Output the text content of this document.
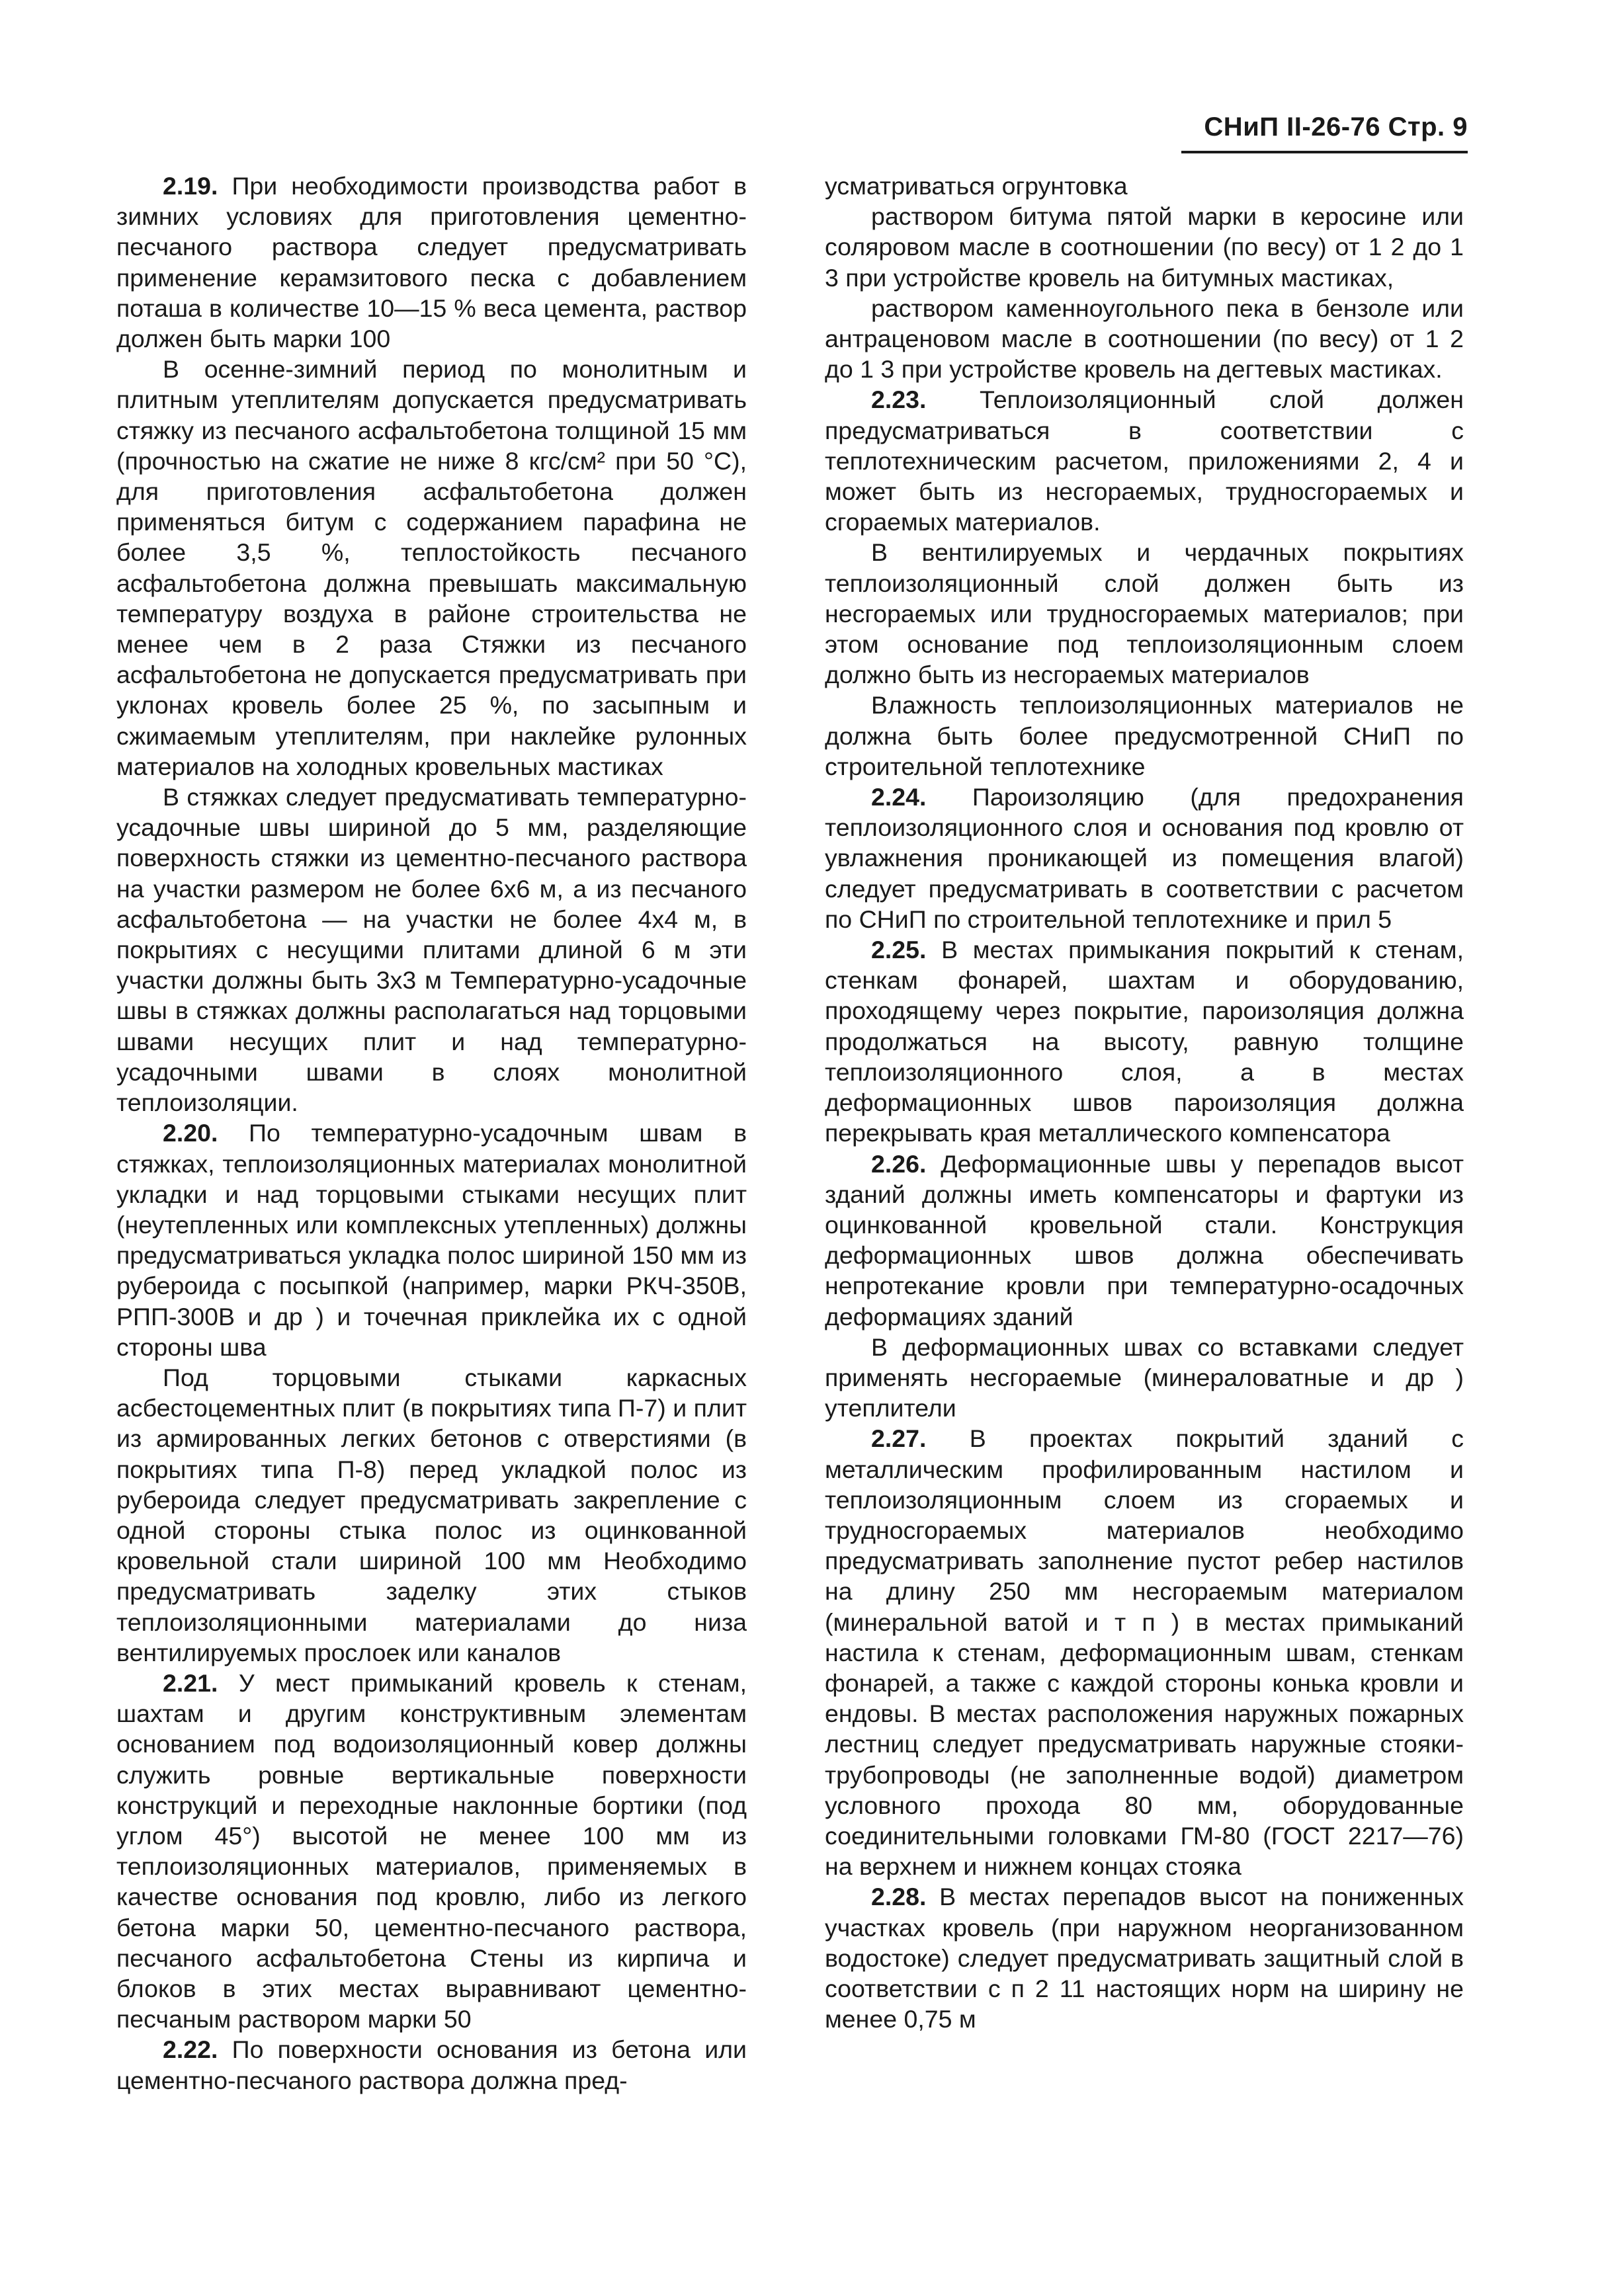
СНиП II-26-76 Стр. 9

2.19. При необходимости производства работ в зимних условиях для приготовления цементно-песчаного раствора следует предусматривать применение керамзитового песка с добавлением поташа в количестве 10—15 % веса цемента, раствор должен быть марки 100

В осенне-зимний период по монолитным и плитным утеплителям допускается предусматривать стяжку из песчаного асфальтобетона толщиной 15 мм (прочностью на сжатие не ниже 8 кгс/см² при 50 °С), для приготовления асфальтобетона должен применяться битум с содержанием парафина не более 3,5 %, теплостойкость песчаного асфальтобетона должна превышать максимальную температуру воздуха в районе строительства не менее чем в 2 раза Стяжки из песчаного асфальтобетона не допускается предусматривать при уклонах кровель более 25 %, по засыпным и сжимаемым утеплителям, при наклейке рулонных материалов на холодных кровельных мастиках

В стяжках следует предусмативать температурно-усадочные швы шириной до 5 мм, разделяющие поверхность стяжки из цементно-песчаного раствора на участки размером не более 6x6 м, а из песчаного асфальтобетона — на участки не более 4x4 м, в покрытиях с несущими плитами длиной 6 м эти участки должны быть 3x3 м Температурно-усадочные швы в стяжках должны располагаться над торцовыми швами несущих плит и над температурно-усадочными швами в слоях монолитной теплоизоляции.

2.20. По температурно-усадочным швам в стяжках, теплоизоляционных материалах монолитной укладки и над торцовыми стыками несущих плит (неутепленных или комплексных утепленных) должны предусматриваться укладка полос шириной 150 мм из рубероида с посыпкой (например, марки РКЧ-350В, РПП-300В и др ) и точечная приклейка их с одной стороны шва

Под торцовыми стыками каркасных асбестоцементных плит (в покрытиях типа П-7) и плит из армированных легких бетонов с отверстиями (в покрытиях типа П-8) перед укладкой полос из рубероида следует предусматривать закрепление с одной стороны стыка полос из оцинкованной кровельной стали шириной 100 мм Необходимо предусматривать заделку этих стыков теплоизоляционными материалами до низа вентилируемых прослоек или каналов

2.21. У мест примыканий кровель к стенам, шахтам и другим конструктивным элементам основанием под водоизоляционный ковер должны служить ровные вертикальные поверхности конструкций и переходные наклонные бортики (под углом 45°) высотой не менее 100 мм из теплоизоляционных материалов, применяемых в качестве основания под кровлю, либо из легкого бетона марки 50, цементно-песчаного раствора, песчаного асфальтобетона Стены из кирпича и блоков в этих местах выравнивают цементно-песчаным раствором марки 50

2.22. По поверхности основания из бетона или цементно-песчаного раствора должна пред-

усматриваться огрунтовка

раствором битума пятой марки в керосине или соляровом масле в соотношении (по весу) от 1 2 до 1 3 при устройстве кровель на битумных мастиках,

раствором каменноугольного пека в бензоле или антраценовом масле в соотношении (по весу) от 1 2 до 1 3 при устройстве кровель на дегтевых мастиках.

2.23. Теплоизоляционный слой должен предусматриваться в соответствии с теплотехническим расчетом, приложениями 2, 4 и может быть из несгораемых, трудносгораемых и сгораемых материалов.

В вентилируемых и чердачных покрытиях теплоизоляционный слой должен быть из несгораемых или трудносгораемых материалов; при этом основание под теплоизоляционным слоем должно быть из несгораемых материалов

Влажность теплоизоляционных материалов не должна быть более предусмотренной СНиП по строительной теплотехнике

2.24. Пароизоляцию (для предохранения теплоизоляционного слоя и основания под кровлю от увлажнения проникающей из помещения влагой) следует предусматривать в соответствии с расчетом по СНиП по строительной теплотехнике и прил 5

2.25. В местах примыкания покрытий к стенам, стенкам фонарей, шахтам и оборудованию, проходящему через покрытие, пароизоляция должна продолжаться на высоту, равную толщине теплоизоляционного слоя, а в местах деформационных швов пароизоляция должна перекрывать края металлического компенсатора

2.26. Деформационные швы у перепадов высот зданий должны иметь компенсаторы и фартуки из оцинкованной кровельной стали. Конструкция деформационных швов должна обеспечивать непротекание кровли при температурно-осадочных деформациях зданий

В деформационных швах со вставками следует применять несгораемые (минераловатные и др ) утеплители

2.27. В проектах покрытий зданий с металлическим профилированным настилом и теплоизоляционным слоем из сгораемых и трудносгораемых материалов необходимо предусматривать заполнение пустот ребер настилов на длину 250 мм несгораемым материалом (минеральной ватой и т п ) в местах примыканий настила к стенам, деформационным швам, стенкам фонарей, а также с каждой стороны конька кровли и ендовы. В местах расположения наружных пожарных лестниц следует предусматривать наружные стояки-трубопроводы (не заполненные водой) диаметром условного прохода 80 мм, оборудованные соединительными головками ГМ-80 (ГОСТ 2217—76) на верхнем и нижнем концах стояка

2.28. В местах перепадов высот на пониженных участках кровель (при наружном неорганизованном водостоке) следует предусматривать защитный слой в соответствии с п 2 11 настоящих норм на ширину не менее 0,75 м
